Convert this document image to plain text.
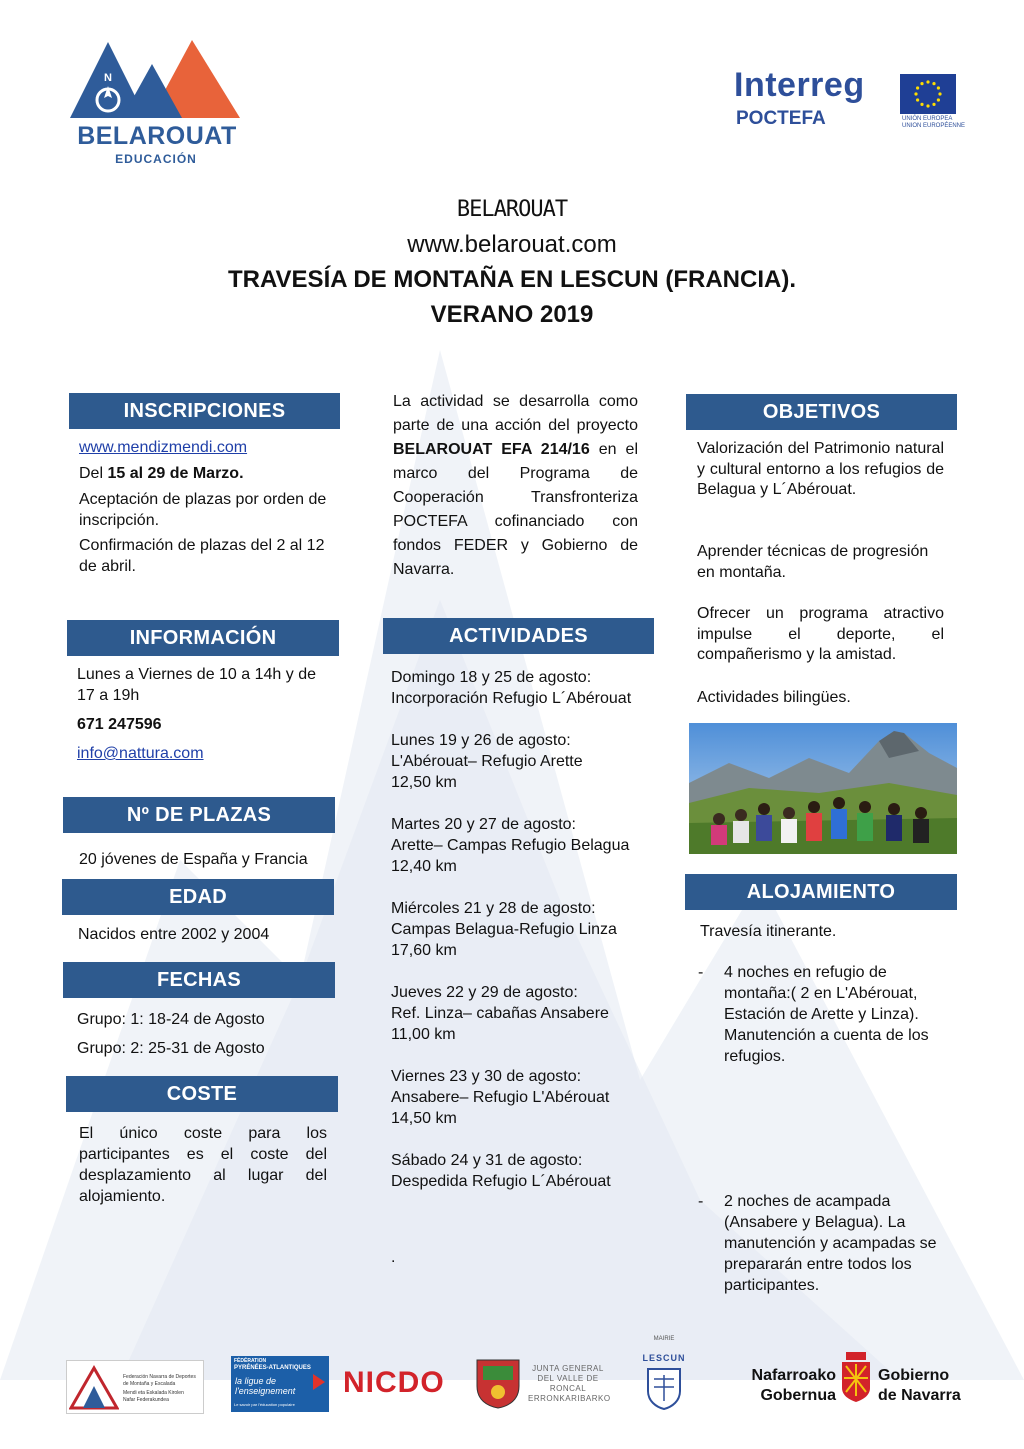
N
BELAROUAT
EDUCACIÓN
Interreg
POCTEFA	UNIÓN EUROPEA
UNION EUROPÉENNE
BELAROUAT
www.belarouat.com
TRAVESÍA DE MONTAÑA EN LESCUN (FRANCIA).
VERANO 2019
INSCRIPCIONES
www.mendizmendi.com
Del 15 al 29 de Marzo.
Aceptación de plazas por orden de inscripción.
Confirmación de plazas del 2 al 12 de abril.
INFORMACIÓN
Lunes a Viernes de 10 a 14h y de 17 a 19h
671 247596
info@nattura.com
Nº DE PLAZAS
20 jóvenes de España y Francia
EDAD
Nacidos entre 2002 y 2004
FECHAS
Grupo: 1: 18-24 de Agosto
Grupo: 2: 25-31 de Agosto
COSTE
El único coste para los participantes es el coste del desplazamiento al lugar del alojamiento.
La actividad se desarrolla como parte de una acción del proyecto BELAROUAT EFA 214/16 en el marco del Programa de Cooperación Transfronteriza POCTEFA cofinanciado con fondos FEDER y Gobierno de Navarra.
ACTIVIDADES
Domingo 18 y 25 de agosto:
Incorporación Refugio L´Abérouat
Lunes 19 y 26 de agosto:
L'Abérouat– Refugio Arette
12,50 km
Martes 20 y 27 de agosto:
Arette– Campas Refugio Belagua
12,40 km
Miércoles 21 y 28 de agosto:
Campas Belagua-Refugio Linza
17,60 km
Jueves 22 y 29 de agosto:
Ref. Linza– cabañas Ansabere
11,00 km
Viernes 23 y 30 de agosto:
Ansabere– Refugio L'Abérouat
14,50 km
Sábado 24 y 31 de agosto:
Despedida Refugio L´Abérouat
.
OBJETIVOS
Valorización del Patrimonio natural y cultural entorno a los refugios de Belagua y L´Abérouat.
Aprender técnicas de progresión en montaña.
Ofrecer un programa atractivo impulse el deporte, el compañerismo y la amistad.
Actividades bilingües.
ALOJAMIENTO
Travesía itinerante.
- 4 noches en refugio de montaña:( 2 en L'Abérouat, Estación de Arette y Linza). Manutención a cuenta de los refugios.
- 2 noches de acampada (Ansabere y Belagua). La manutención y acampadas se prepararán entre todos los participantes.
Federación Navarra de Deportes
de Montaña y Escalada
Mendi eta Eskalada Kirolen
Nafar Federakundea
FÉDÉRATION
PYRÉNÉES-ATLANTIQUES
la ligue de
l'enseignement
Le savoir par l'éducation populaire
NICDO	JUNTA GENERAL
DEL VALLE DE
RONCAL
ERRONKARIBARKO
MAIRIE
LESCUN
Nafarroako
Gobernua
Gobierno
de Navarra
